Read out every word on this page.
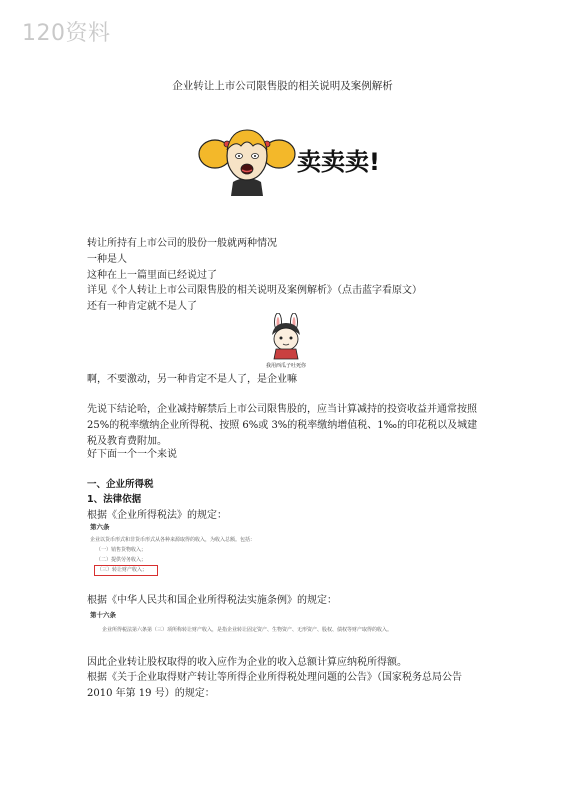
120资料
企业转让上市公司限售股的相关说明及案例解析
卖卖卖!
转让所持有上市公司的股份一般就两种情况
一种是人
这种在上一篇里面已经说过了
详见《个人转让上市公司限售股的相关说明及案例解析》（点击蓝字看原文）
还有一种肯定就不是人了
我用西瓜子吐死你
啊，不要激动，另一种肯定不是人了，是企业嘛
先说下结论哈，企业减持解禁后上市公司限售股的，应当计算减持的投资收益并通常按照 25%的税率缴纳企业所得税、按照 6%或 3%的税率缴纳增值税、1‰的印花税以及城建税及教育费附加。
好下面一个一个来说
一、企业所得税
1、法律依据
根据《企业所得税法》的规定：
第六条
企业以货币形式和非货币形式从各种来源取得的收入，为收入总额。包括：
（一）销售货物收入；
（二）提供劳务收入；
（三）转让财产收入；
根据《中华人民共和国企业所得税法实施条例》的规定：
第十六条
企业所得税法第六条第（三）项所称转让财产收入，是指企业转让固定资产、生物资产、无形资产、股权、债权等财产取得的收入。
因此企业转让股权取得的收入应作为企业的收入总额计算应纳税所得额。
根据《关于企业取得财产转让等所得企业所得税处理问题的公告》（国家税务总局公告
2010 年第 19 号）的规定：
